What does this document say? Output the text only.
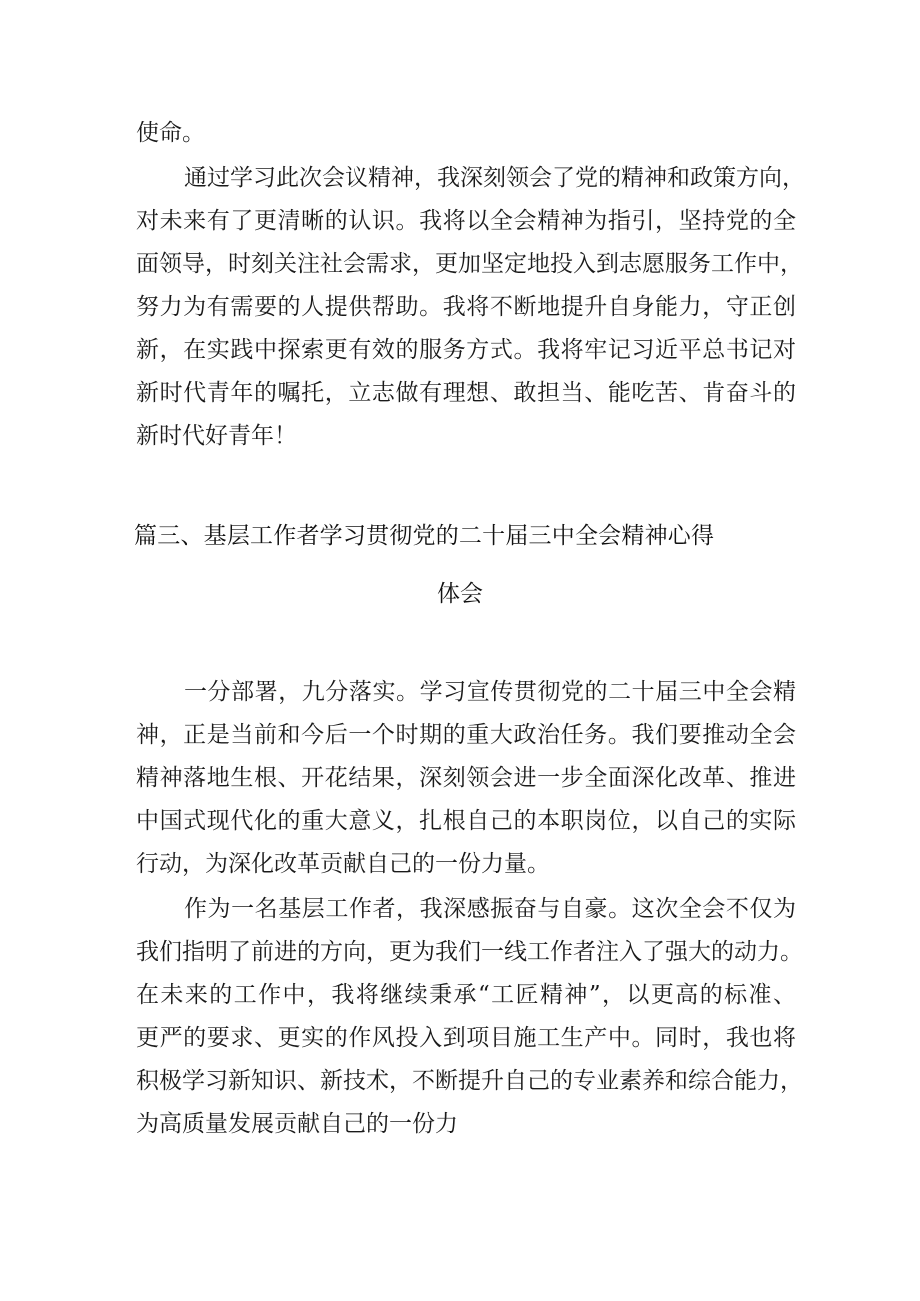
使命。
通过学习此次会议精神，我深刻领会了党的精神和政策方向，
对未来有了更清晰的认识。我将以全会精神为指引，坚持党的全
面领导，时刻关注社会需求，更加坚定地投入到志愿服务工作中，
努力为有需要的人提供帮助。我将不断地提升自身能力，守正创
新，在实践中探索更有效的服务方式。我将牢记习近平总书记对
新时代青年的嘱托，立志做有理想、敢担当、能吃苦、肯奋斗的
新时代好青年！
篇三、基层工作者学习贯彻党的二十届三中全会精神心得
体会
一分部署，九分落实。学习宣传贯彻党的二十届三中全会精
神，正是当前和今后一个时期的重大政治任务。我们要推动全会
精神落地生根、开花结果，深刻领会进一步全面深化改革、推进
中国式现代化的重大意义，扎根自己的本职岗位，以自己的实际
行动，为深化改革贡献自己的一份力量。
作为一名基层工作者，我深感振奋与自豪。这次全会不仅为
我们指明了前进的方向，更为我们一线工作者注入了强大的动力。
在未来的工作中，我将继续秉承“工匠精神”，以更高的标准、
更严的要求、更实的作风投入到项目施工生产中。同时，我也将
积极学习新知识、新技术，不断提升自己的专业素养和综合能力，
为高质量发展贡献自己的一份力
